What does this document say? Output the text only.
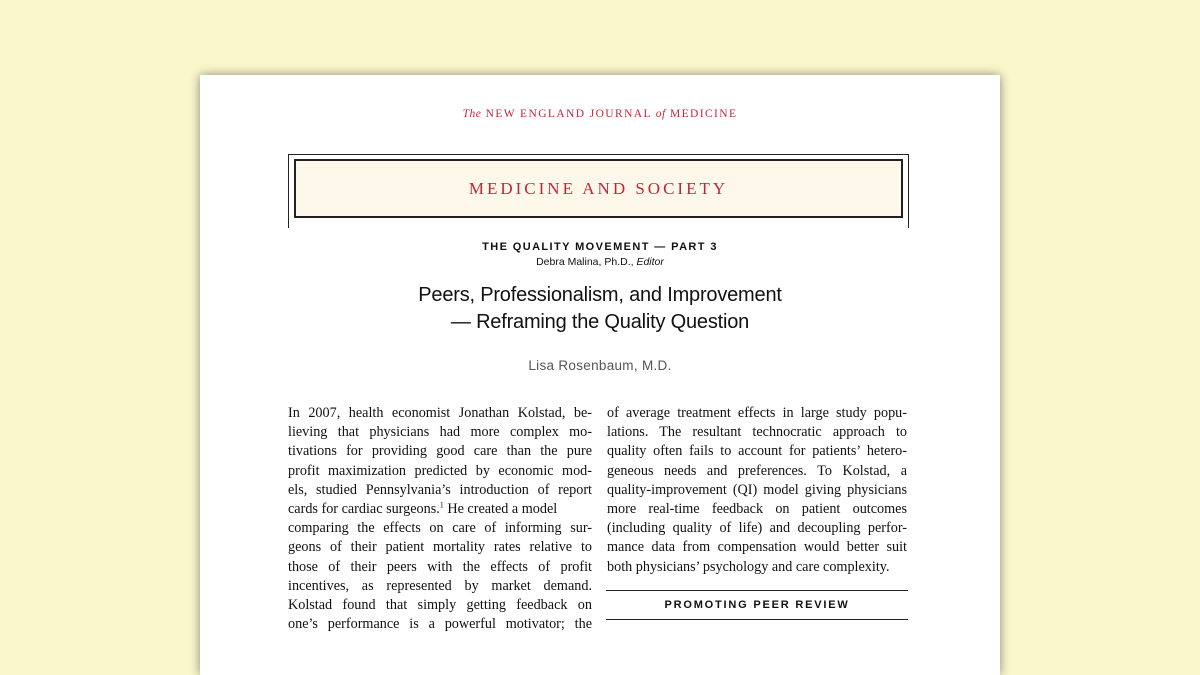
The NEW ENGLAND JOURNAL of MEDICINE
MEDICINE AND SOCIETY
THE QUALITY MOVEMENT — PART 3
Debra Malina, Ph.D., Editor
Peers, Professionalism, and Improvement
— Reframing the Quality Question
Lisa Rosenbaum, M.D.
In 2007, health economist Jonathan Kolstad, be-
lieving that physicians had more complex mo-
tivations for providing good care than the pure
profit maximization predicted by economic mod-
els, studied Pennsylvania’s introduction of report
cards for cardiac surgeons.$^1$ He created a model
comparing the effects on care of informing sur-
geons of their patient mortality rates relative to
those of their peers with the effects of profit
incentives, as represented by market demand.
Kolstad found that simply getting feedback on
one’s performance is a powerful motivator; the
of average treatment effects in large study popu-
lations. The resultant technocratic approach to
quality often fails to account for patients’ hetero-
geneous needs and preferences. To Kolstad, a
quality-improvement (QI) model giving physicians
more real-time feedback on patient outcomes
(including quality of life) and decoupling perfor-
mance data from compensation would better suit
both physicians’ psychology and care complexity.
PROMOTING PEER REVIEW
